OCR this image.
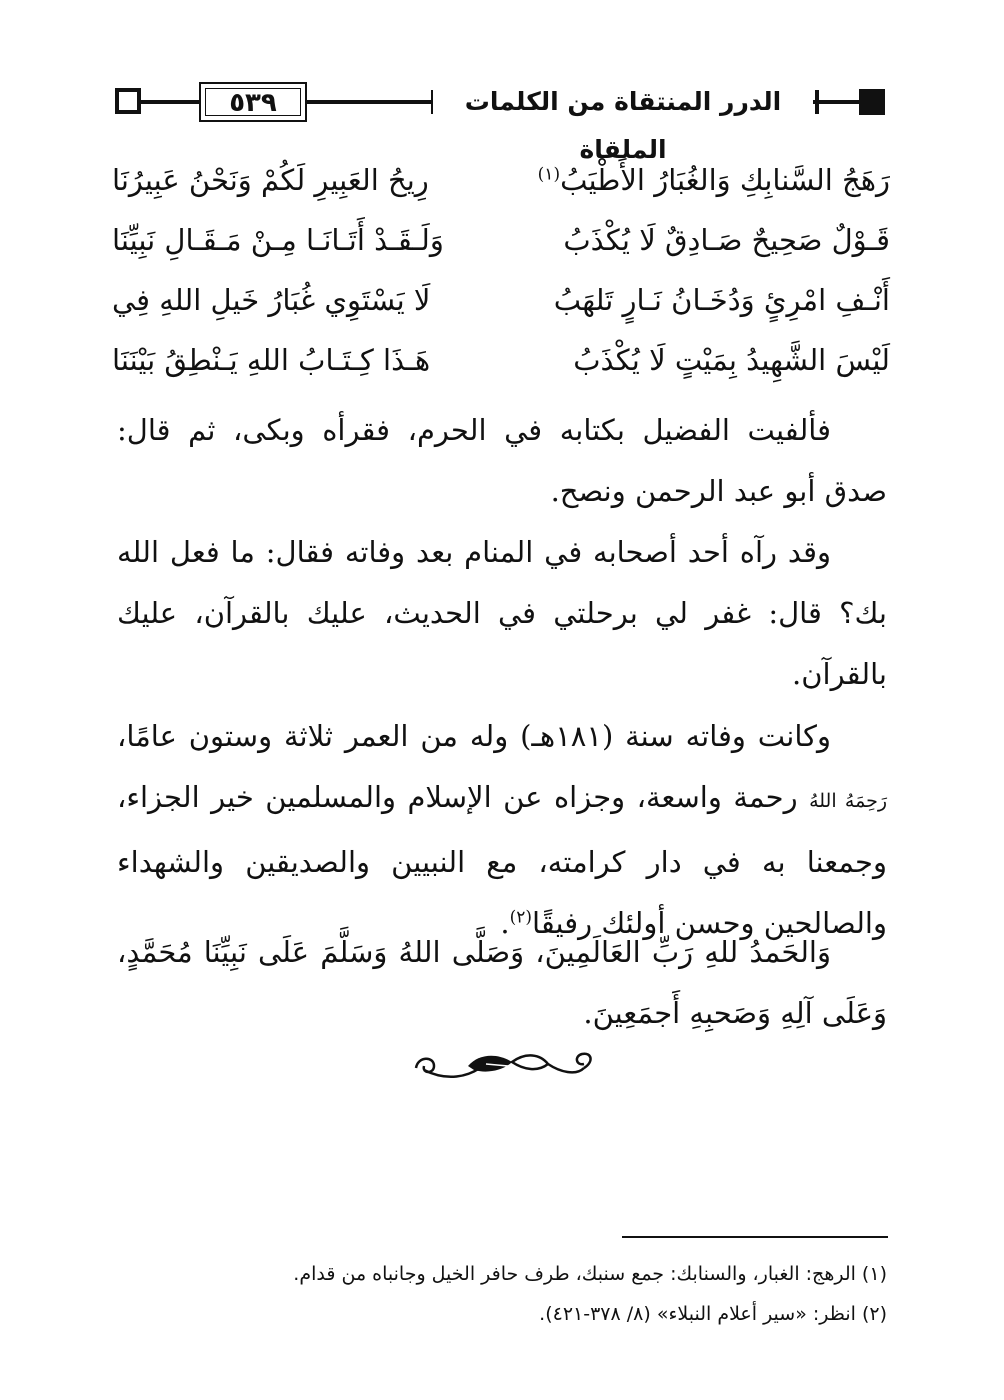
٥٣٩	الدرر المنتقاة من الكلمات الملقاة
رَهَجُ السَّنابِكِ وَالغُبَارُ الأَطْيَبُ$^{(١)}$
رِيحُ العَبِيرِ لَكُمْ وَنَحْنُ عَبِيرُنَا
قَـوْلٌ صَحِيحٌ صَـادِقٌ لَا يُكْذَبُ
وَلَـقَـدْ أَتَـانَـا مِـنْ مَـقَـالِ نَبِيِّنَا
أَنْـفِ امْرِئٍ وَدُخَـانُ نَـارٍ تَلهَبُ
لَا يَسْتَوِي غُبَارُ خَيلِ اللهِ فِي
لَيْسَ الشَّهِيدُ بِمَيْتٍ لَا يُكْذَبُ
هَـذَا كِـتَـابُ اللهِ يَـنْطِقُ بَيْنَنَا

فألفيت الفضيل بكتابه في الحرم، فقرأه وبكى، ثم قال: صدق أبو عبد الرحمن ونصح.

وقد رآه أحد أصحابه في المنام بعد وفاته فقال: ما فعل الله بك؟ قال: غفر لي برحلتي في الحديث، عليك بالقرآن، عليك بالقرآن.

وكانت وفاته سنة (١٨١هـ) وله من العمر ثلاثة وستون عامًا، رَحِمَهُ اللهُ رحمة واسعة، وجزاه عن الإسلام والمسلمين خير الجزاء، وجمعنا به في دار كرامته، مع النبيين والصديقين والشهداء والصالحين وحسن أولئك رفيقًا$^{(٢)}$.

وَالحَمدُ للهِ رَبِّ العَالَمِينَ، وَصَلَّى اللهُ وَسَلَّمَ عَلَى نَبِيِّنَا مُحَمَّدٍ، وَعَلَى آلِهِ وَصَحبِهِ أَجمَعِينَ.

(١) الرهج: الغبار، والسنابك: جمع سنبك، طرف حافر الخيل وجانباه من قدام.
(٢) انظر: «سير أعلام النبلاء» (٨/ ٣٧٨-٤٢١).
